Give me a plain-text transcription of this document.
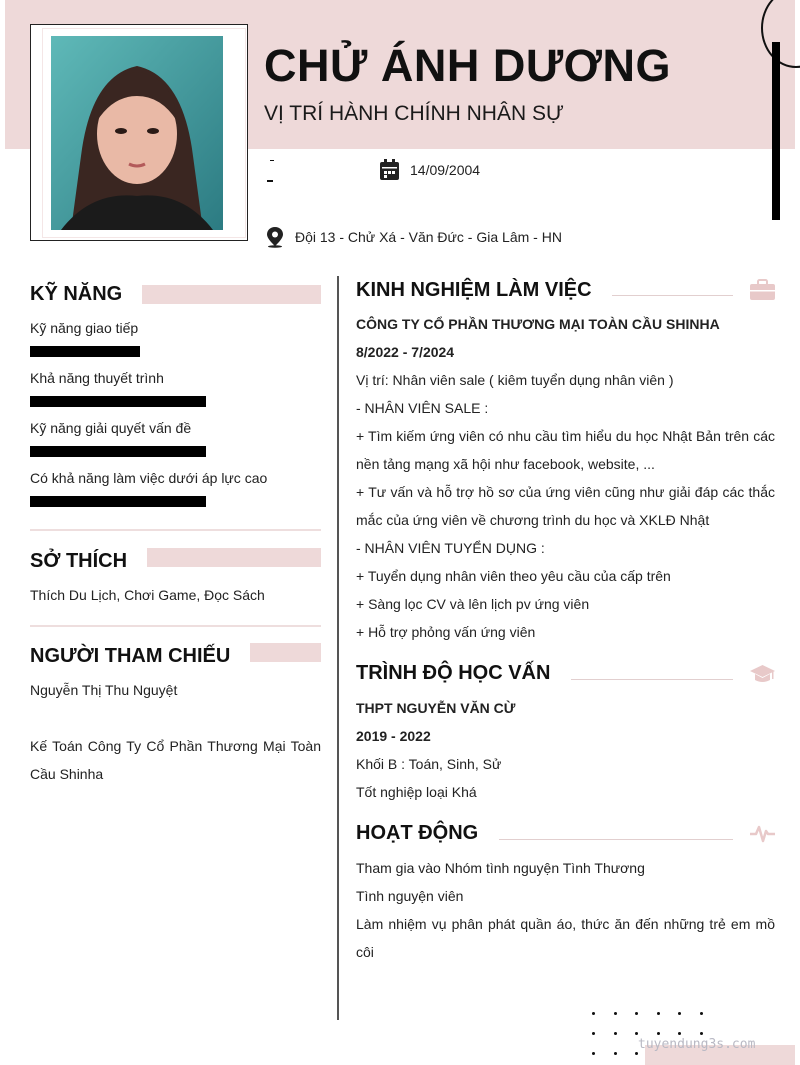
CHỬ ÁNH DƯƠNG
VỊ TRÍ HÀNH CHÍNH NHÂN SỰ
14/09/2004
Đội 13 - Chử Xá - Văn Đức - Gia Lâm - HN
KỸ NĂNG
Kỹ năng giao tiếp
Khả năng thuyết trình
Kỹ năng giải quyết vấn đề
Có khả năng làm việc dưới áp lực cao
SỞ THÍCH
Thích Du Lịch, Chơi Game, Đọc Sách
NGƯỜI THAM CHIẾU
Nguyễn Thị Thu Nguyệt
Kế Toán Công Ty Cổ Phần Thương Mại Toàn
Cầu Shinha
KINH NGHIỆM LÀM VIỆC
CÔNG TY CỔ PHẦN THƯƠNG MẠI TOÀN CẦU SHINHA
8/2022 - 7/2024
Vị trí: Nhân viên sale ( kiêm tuyển dụng nhân viên )
- NHÂN VIÊN SALE :
+ Tìm kiếm ứng viên có nhu cầu tìm hiểu du học Nhật Bản trên các
nền tảng mạng xã hội như facebook, website, ...
+ Tư vấn và hỗ trợ hồ sơ của ứng viên cũng như giải đáp các thắc
mắc của ứng viên về chương trình du học và XKLĐ Nhật
- NHÂN VIÊN TUYỂN DỤNG :
+ Tuyển dụng nhân viên theo yêu cầu của cấp trên
+ Sàng lọc CV và lên lịch pv ứng viên
+ Hỗ trợ phỏng vấn ứng viên
TRÌNH ĐỘ HỌC VẤN
THPT NGUYỄN VĂN CỪ
2019 - 2022
Khối B : Toán, Sinh, Sử
Tốt nghiệp loại Khá
HOẠT ĐỘNG
Tham gia vào Nhóm tình nguyện Tình Thương
Tình nguyện viên
Làm nhiệm vụ phân phát quần áo, thức ăn đến những trẻ em mồ
côi
tuyendung3s.com
